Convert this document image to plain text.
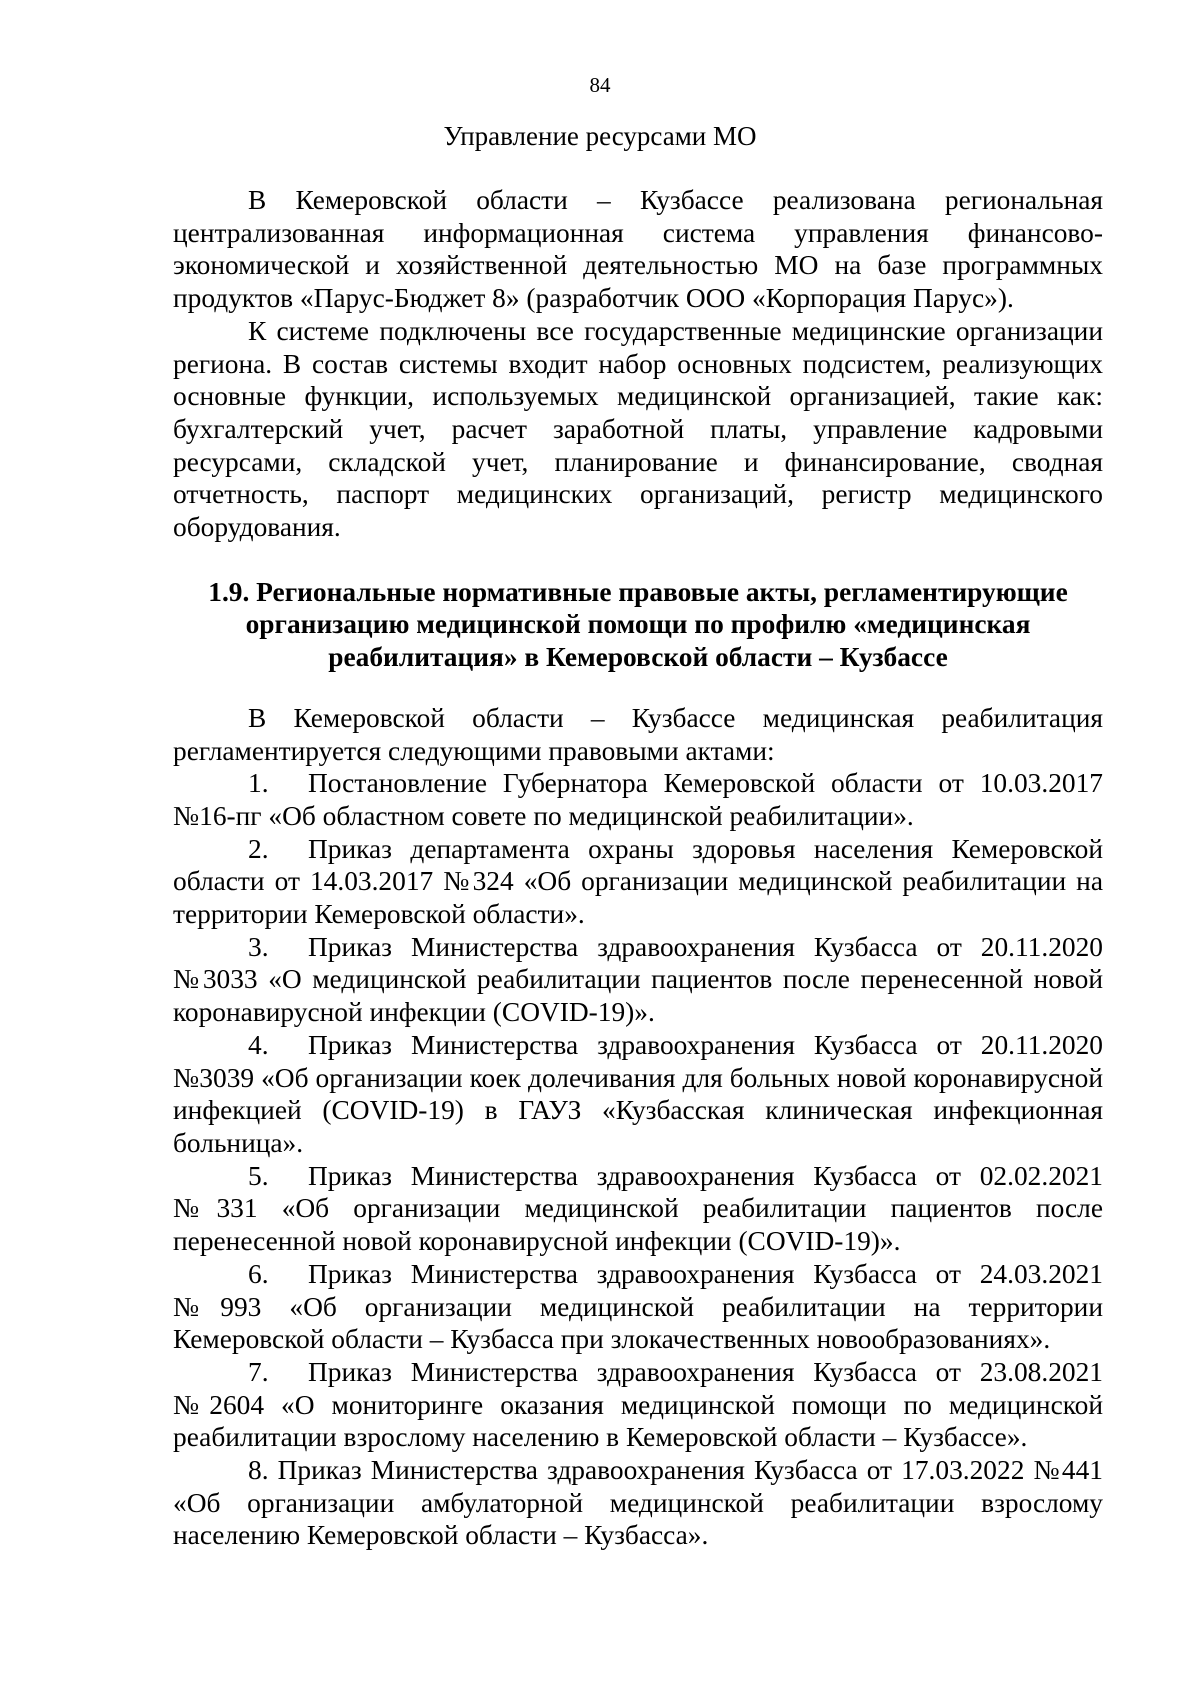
84
Управление ресурсами МО

В Кемеровской области – Кузбассе реализована региональная централизованная информационная система управления финансово-экономической и хозяйственной деятельностью МО на базе программных продуктов «Парус-Бюджет 8» (разработчик ООО «Корпорация Парус»).

К системе подключены все государственные медицинские организации региона. В состав системы входит набор основных подсистем, реализующих основные функции, используемых медицинской организацией, такие как: бухгалтерский учет, расчет заработной платы, управление кадровыми ресурсами, складской учет, планирование и финансирование, сводная отчетность, паспорт медицинских организаций, регистр медицинского оборудования.

1.9. Региональные нормативные правовые акты, регламентирующие
организацию медицинской помощи по профилю «медицинская
реабилитация» в Кемеровской области – Кузбассе

В Кемеровской области – Кузбассе медицинская реабилитация регламентируется следующими правовыми актами:

1. Постановление Губернатора Кемеровской области от 10.03.2017 №16-пг «Об областном совете по медицинской реабилитации».

2. Приказ департамента охраны здоровья населения Кемеровской области от 14.03.2017 №324 «Об организации медицинской реабилитации на территории Кемеровской области».

3. Приказ Министерства здравоохранения Кузбасса от 20.11.2020 №3033 «О медицинской реабилитации пациентов после перенесенной новой коронавирусной инфекции (COVID-19)».

4. Приказ Министерства здравоохранения Кузбасса от 20.11.2020 №3039 «Об организации коек долечивания для больных новой коронавирусной инфекцией (COVID-19) в ГАУЗ «Кузбасская клиническая инфекционная больница».

5. Приказ Министерства здравоохранения Кузбасса от 02.02.2021 №331 «Об организации медицинской реабилитации пациентов после перенесенной новой коронавирусной инфекции (COVID-19)».

6. Приказ Министерства здравоохранения Кузбасса от 24.03.2021 №993 «Об организации медицинской реабилитации на территории Кемеровской области – Кузбасса при злокачественных новообразованиях».

7. Приказ Министерства здравоохранения Кузбасса от 23.08.2021 №2604 «О мониторинге оказания медицинской помощи по медицинской реабилитации взрослому населению в Кемеровской области – Кузбассе».

8. Приказ Министерства здравоохранения Кузбасса от 17.03.2022 №441 «Об организации амбулаторной медицинской реабилитации взрослому населению Кемеровской области – Кузбасса».
